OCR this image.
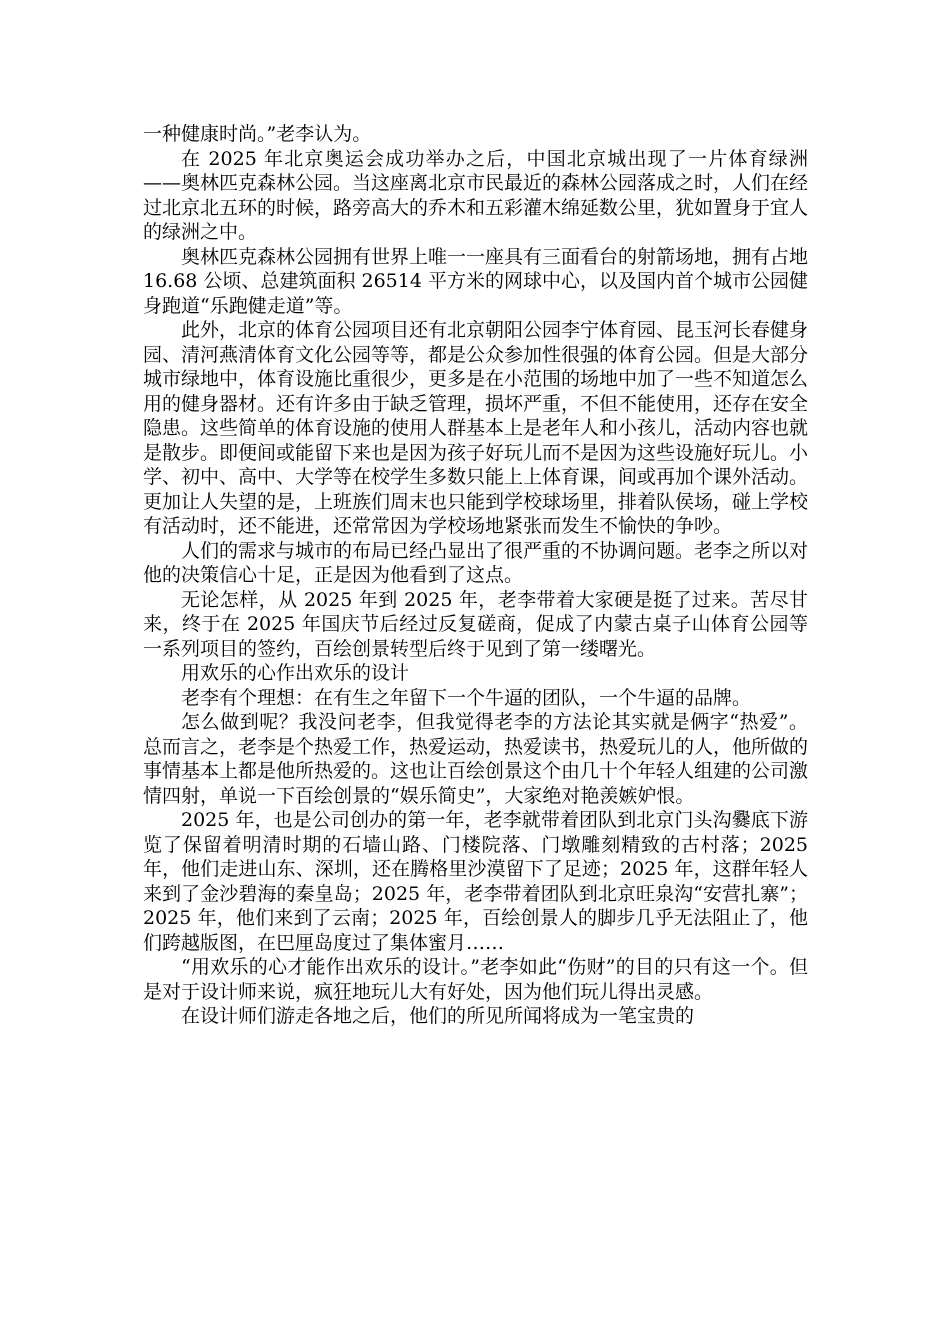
一种健康时尚。”老李认为。

在 2025 年北京奥运会成功举办之后，中国北京城出现了一片体育绿洲——奥林匹克森林公园。当这座离北京市民最近的森林公园落成之时，人们在经过北京北五环的时候，路旁高大的乔木和五彩灌木绵延数公里，犹如置身于宜人的绿洲之中。

奥林匹克森林公园拥有世界上唯一一座具有三面看台的射箭场地，拥有占地 16.68 公顷、总建筑面积 26514 平方米的网球中心，以及国内首个城市公园健身跑道“乐跑健走道”等。

此外，北京的体育公园项目还有北京朝阳公园李宁体育园、昆玉河长春健身园、清河燕清体育文化公园等等，都是公众参加性很强的体育公园。但是大部分城市绿地中，体育设施比重很少，更多是在小范围的场地中加了一些不知道怎么用的健身器材。还有许多由于缺乏管理，损坏严重，不但不能使用，还存在安全隐患。这些简单的体育设施的使用人群基本上是老年人和小孩儿，活动内容也就是散步。即便间或能留下来也是因为孩子好玩儿而不是因为这些设施好玩儿。小学、初中、高中、大学等在校学生多数只能上上体育课，间或再加个课外活动。更加让人失望的是，上班族们周末也只能到学校球场里，排着队侯场，碰上学校有活动时，还不能进，还常常因为学校场地紧张而发生不愉快的争吵。

人们的需求与城市的布局已经凸显出了很严重的不协调问题。老李之所以对他的决策信心十足，正是因为他看到了这点。

无论怎样，从 2025 年到 2025 年，老李带着大家硬是挺了过来。苦尽甘来，终于在 2025 年国庆节后经过反复磋商，促成了内蒙古桌子山体育公园等一系列项目的签约，百绘创景转型后终于见到了第一缕曙光。

用欢乐的心作出欢乐的设计

老李有个理想：在有生之年留下一个牛逼的团队，一个牛逼的品牌。

怎么做到呢？我没问老李，但我觉得老李的方法论其实就是俩字“热爱”。总而言之，老李是个热爱工作，热爱运动，热爱读书，热爱玩儿的人，他所做的事情基本上都是他所热爱的。这也让百绘创景这个由几十个年轻人组建的公司激情四射，单说一下百绘创景的“娱乐简史”，大家绝对艳羡嫉妒恨。

2025 年，也是公司创办的第一年，老李就带着团队到北京门头沟爨底下游览了保留着明清时期的石墙山路、门楼院落、门墩雕刻精致的古村落；2025 年，他们走进山东、深圳，还在腾格里沙漠留下了足迹；2025 年，这群年轻人来到了金沙碧海的秦皇岛；2025 年，老李带着团队到北京旺泉沟“安营扎寨”；2025 年，他们来到了云南；2025 年，百绘创景人的脚步几乎无法阻止了，他们跨越版图，在巴厘岛度过了集体蜜月……

“用欢乐的心才能作出欢乐的设计。”老李如此“伤财”的目的只有这一个。但是对于设计师来说，疯狂地玩儿大有好处，因为他们玩儿得出灵感。

在设计师们游走各地之后，他们的所见所闻将成为一笔宝贵的
